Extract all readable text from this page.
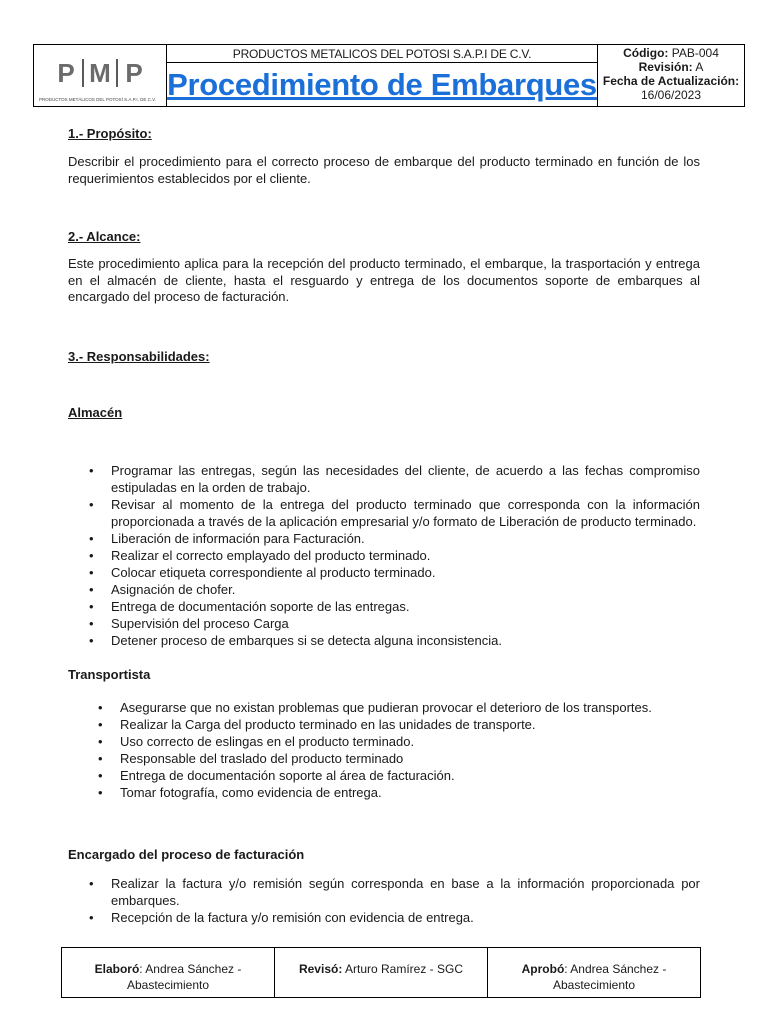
P M P
PRODUCTOS METÁLICOS DEL POTOSÍ S.A.P.I. DE C.V.
PRODUCTOS METALICOS DEL POTOSI S.A.P.I DE C.V.
Procedimiento de Embarques
Código: PAB-004
Revisión: A
Fecha de Actualización:
16/06/2023
1.- Propósito:
Describir el procedimiento para el correcto proceso de embarque del producto terminado en función de los requerimientos establecidos por el cliente.
2.- Alcance:
Este procedimiento aplica para la recepción del producto terminado, el embarque, la trasportación y entrega en el almacén de cliente, hasta el resguardo y entrega de los documentos soporte de embarques al encargado del proceso de facturación.
3.- Responsabilidades:
Almacén
• Programar las entregas, según las necesidades del cliente, de acuerdo a las fechas compromiso estipuladas en la orden de trabajo.
• Revisar al momento de la entrega del producto terminado que corresponda con la información proporcionada a través de la aplicación empresarial y/o formato de Liberación de producto terminado.
• Liberación de información para Facturación.
• Realizar el correcto emplayado del producto terminado.
• Colocar etiqueta correspondiente al producto terminado.
• Asignación de chofer.
• Entrega de documentación soporte de las entregas.
• Supervisión del proceso Carga
• Detener proceso de embarques si se detecta alguna inconsistencia.
Transportista
• Asegurarse que no existan problemas que pudieran provocar el deterioro de los transportes.
• Realizar la Carga del producto terminado en las unidades de transporte.
• Uso correcto de eslingas en el producto terminado.
• Responsable del traslado del producto terminado
• Entrega de documentación soporte al área de facturación.
• Tomar fotografía, como evidencia de entrega.
Encargado del proceso de facturación
• Realizar la factura y/o remisión según corresponda en base a la información proporcionada por embarques.
• Recepción de la factura y/o remisión con evidencia de entrega.
Elaboró: Andrea Sánchez - Abastecimiento
Revisó: Arturo Ramírez - SGC	Aprobó: Andrea Sánchez - Abastecimiento
